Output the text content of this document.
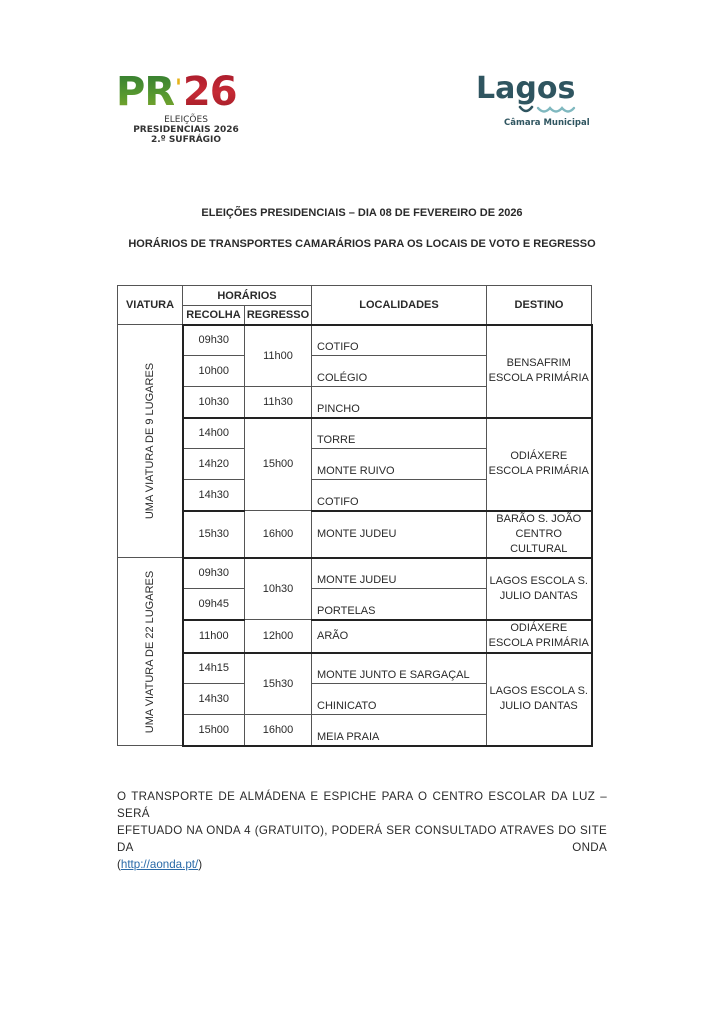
PR'26
ELEIÇÕES
PRESIDENCIAIS 2026
2.º SUFRÁGIO
Lagos
Câmara Municipal
ELEIÇÕES PRESIDENCIAIS – DIA 08 DE FEVEREIRO DE 2026
HORÁRIOS DE TRANSPORTES CAMARÁRIOS PARA OS LOCAIS DE VOTO E REGRESSO
VIATURA	HORÁRIOS		LOCALIDADES	DESTINO
	RECOLHA	REGRESSO		

UMA VIATURA DE 9 LUGARES	09h30	11h00	COTIFO	BENSAFRIM ESCOLA PRIMÁRIA
	10h00		COLÉGIO	
	10h30	11h30	PINCHO	
	14h00	15h00	TORRE	ODIÁXERE ESCOLA PRIMÁRIA
	14h20		MONTE RUIVO	
	14h30		COTIFO	
	15h30	16h00	MONTE JUDEU	BARÃO S. JOÃO CENTRO CULTURAL

UMA VIATURA DE 22 LUGARES	09h30	10h30	MONTE JUDEU	LAGOS ESCOLA S. JULIO DANTAS
	09h45		PORTELAS	
	11h00	12h00	ARÃO	ODIÁXERE ESCOLA PRIMÁRIA
	14h15	15h30	MONTE JUNTO E SARGAÇAL	LAGOS ESCOLA S. JULIO DANTAS
	14h30		CHINICATO	
	15h00	16h00	MEIA PRAIA	
O TRANSPORTE DE ALMÁDENA E ESPICHE PARA O CENTRO ESCOLAR DA LUZ – SERÁ
EFETUADO NA ONDA 4 (GRATUITO), PODERÁ SER CONSULTADO ATRAVES DO SITE DA ONDA
(http://aonda.pt/)
